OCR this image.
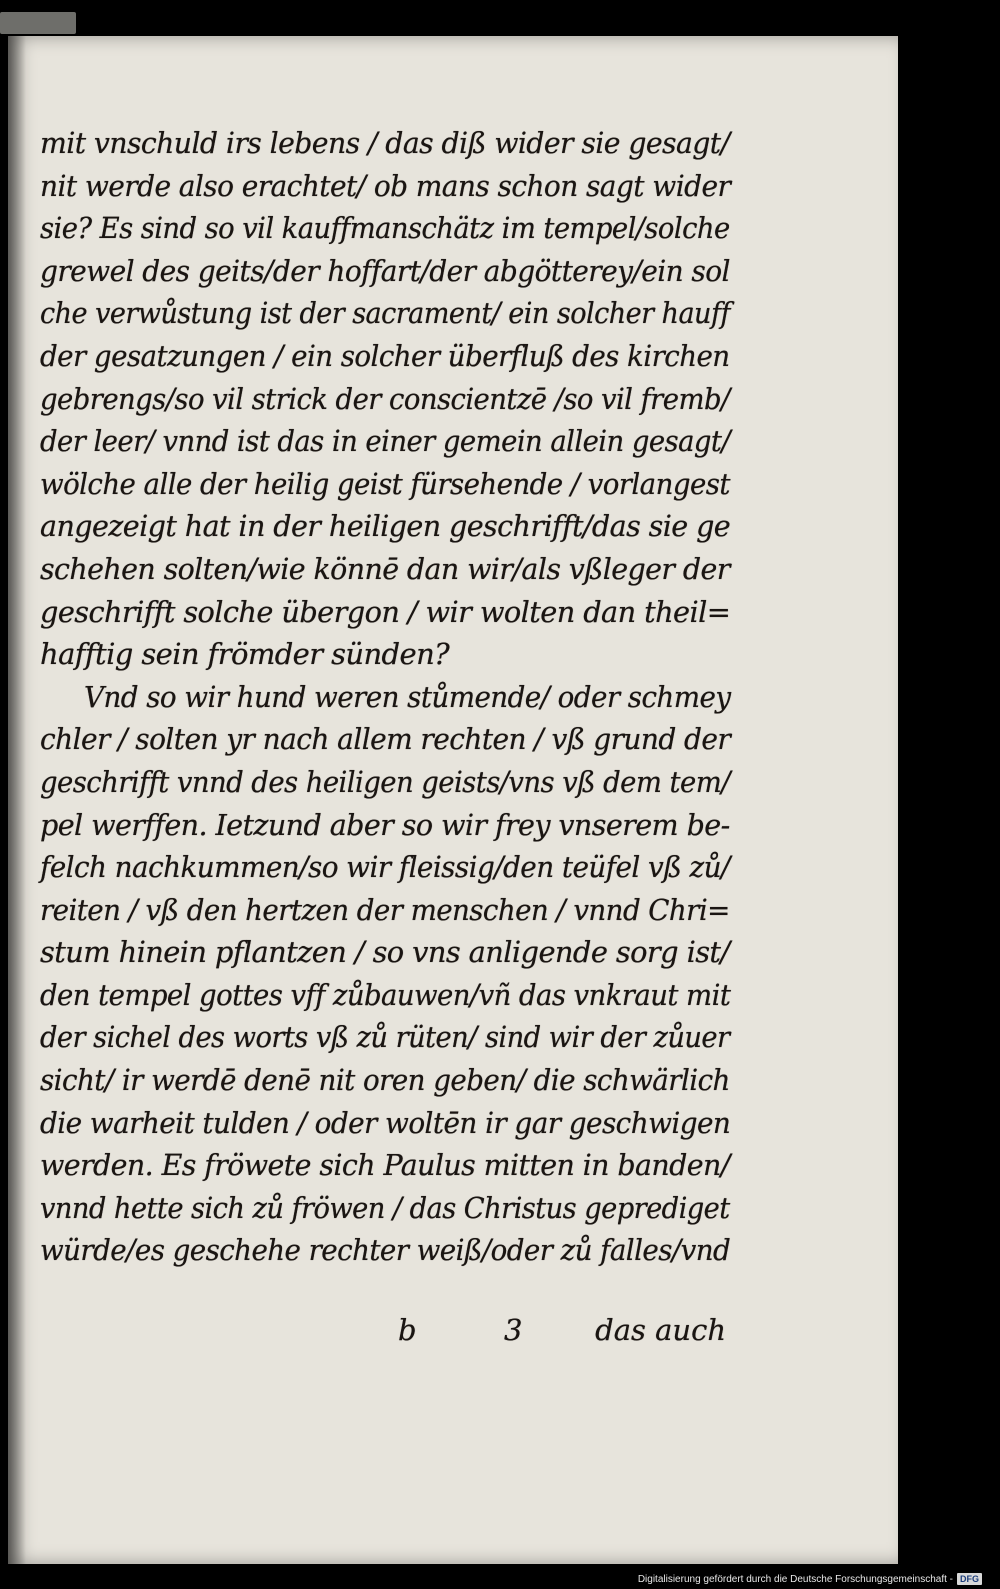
mit vnschuld irs lebens / das diß wider sie gesagt/
nit werde also erachtet/ ob mans schon sagt wider
sie? Es sind so vil kauffmanschätz im tempel/solche
grewel des geits/der hoffart/der abgötterey/ein sol
che verwůstung ist der sacrament/ ein solcher hauff
der gesatzungen / ein solcher überfluß des kirchen
gebrengs/so vil strick der conscientzē /so vil fremb/
der leer/ vnnd ist das in einer gemein allein gesagt/
wölche alle der heilig geist fürsehende / vorlangest
angezeigt hat in der heiligen geschrifft/das sie ge
schehen solten/wie könnē dan wir/als vßleger der
geschrifft solche übergon / wir wolten dan theil=
hafftig sein frömder sünden?
Vnd so wir hund weren stůmende/ oder schmey
chler / solten yr nach allem rechten / vß grund der
geschrifft vnnd des heiligen geists/vns vß dem tem/
pel werffen. Ietzund aber so wir frey vnserem be-
felch nachkummen/so wir fleissig/den teüfel vß zů/
reiten / vß den hertzen der menschen / vnnd Chri=
stum hinein pflantzen / so vns anligende sorg ist/
den tempel gottes vff zůbauwen/vñ das vnkraut mit
der sichel des worts vß zů rüten/ sind wir der zůuer
sicht/ ir werdē denē nit oren geben/ die schwärlich
die warheit tulden / oder woltēn ir gar geschwigen
werden. Es fröwete sich Paulus mitten in banden/
vnnd hette sich zů fröwen / das Christus geprediget
würde/es geschehe rechter weiß/oder zů falles/vnd
b	3	das auch
Digitalisierung gefördert durch die Deutsche Forschungsgemeinschaft - DFG
